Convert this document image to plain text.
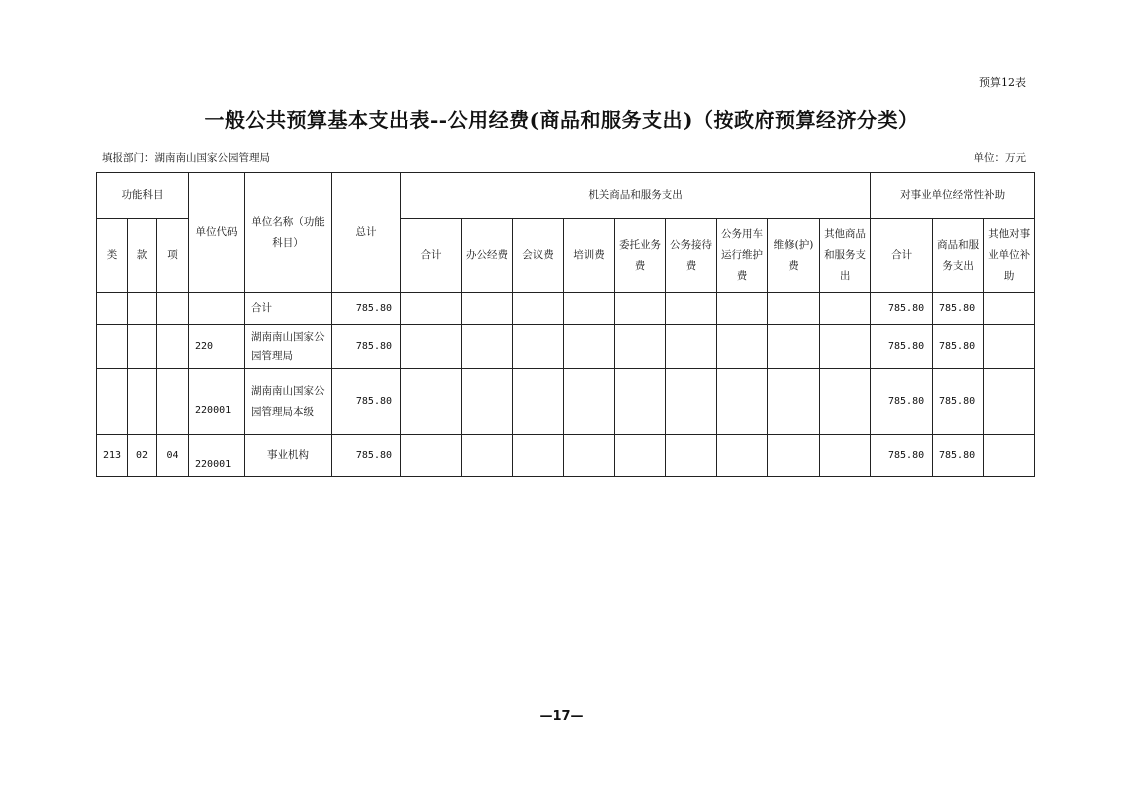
预算12表
一般公共预算基本支出表--公用经费(商品和服务支出)（按政府预算经济分类）
填报部门：湖南南山国家公园管理局	单位：万元
功能科目			单位代码	单位名称（功能科目）	总计	机关商品和服务支出									对事业单位经常性补助		
类	款	项				合计	办公经费	会议费	培训费	委托业务费	公务接待费	公务用车运行维护费	维修(护)费	其他商品和服务支出	合计	商品和服务支出	其他对事业单位补助
				合计	785.80										785.80	785.80	
			220	湖南南山国家公园管理局	785.80										785.80	785.80	
			220001	湖南南山国家公园管理局本级	785.80										785.80	785.80	
213	02	04	220001	事业机构	785.80										785.80	785.80	
—17—
